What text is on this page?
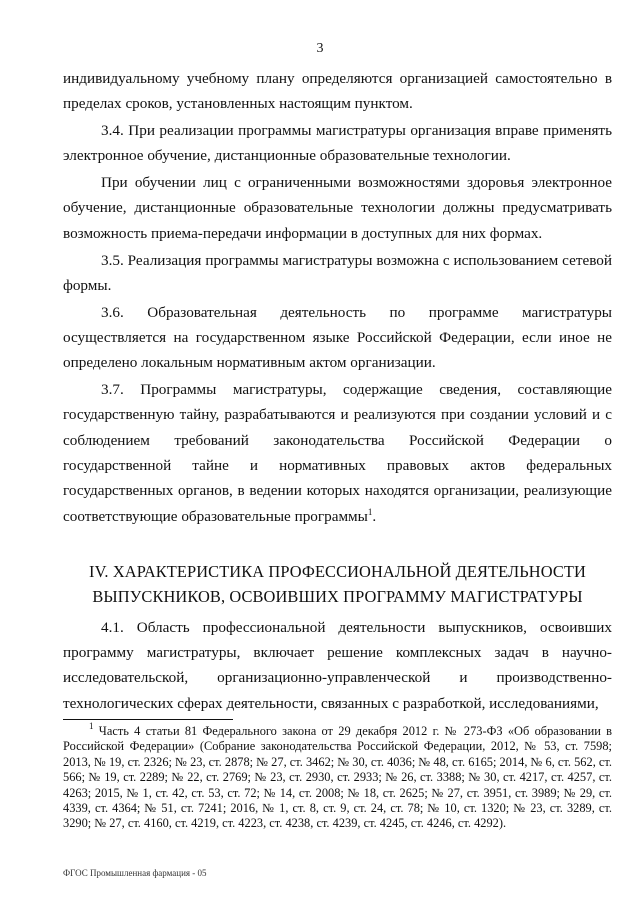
3

индивидуальному учебному плану определяются организацией самостоятельно в пределах сроков, установленных настоящим пунктом.

3.4. При реализации программы магистратуры организация вправе применять электронное обучение, дистанционные образовательные технологии.

При обучении лиц с ограниченными возможностями здоровья электронное обучение, дистанционные образовательные технологии должны предусматривать возможность приема-передачи информации в доступных для них формах.

3.5. Реализация программы магистратуры возможна с использованием сетевой формы.

3.6. Образовательная деятельность по программе магистратуры осуществляется на государственном языке Российской Федерации, если иное не определено локальным нормативным актом организации.

3.7. Программы магистратуры, содержащие сведения, составляющие государственную тайну, разрабатываются и реализуются при создании условий и с соблюдением требований законодательства Российской Федерации о государственной тайне и нормативных правовых актов федеральных государственных органов, в ведении которых находятся организации, реализующие соответствующие образовательные программы$^1$.

IV. ХАРАКТЕРИСТИКА ПРОФЕССИОНАЛЬНОЙ ДЕЯТЕЛЬНОСТИ
ВЫПУСКНИКОВ, ОСВОИВШИХ ПРОГРАММУ МАГИСТРАТУРЫ

4.1. Область профессиональной деятельности выпускников, освоивших программу магистратуры, включает решение комплексных задач в научно-исследовательской, организационно-управленческой и производственно-технологических сферах деятельности, связанных с разработкой, исследованиями,

$^1$ Часть 4 статьи 81 Федерального закона от 29 декабря 2012 г. № 273-ФЗ «Об образовании в Российской Федерации» (Собрание законодательства Российской Федерации, 2012, № 53, ст. 7598; 2013, № 19, ст. 2326; № 23, ст. 2878; № 27, ст. 3462; № 30, ст. 4036; № 48, ст. 6165; 2014, № 6, ст. 562, ст. 566; № 19, ст. 2289; № 22, ст. 2769; № 23, ст. 2930, ст. 2933; № 26, ст. 3388; № 30, ст. 4217, ст. 4257, ст. 4263; 2015, № 1, ст. 42, ст. 53, ст. 72; № 14, ст. 2008; № 18, ст. 2625; № 27, ст. 3951, ст. 3989; № 29, ст. 4339, ст. 4364; № 51, ст. 7241; 2016, № 1, ст. 8, ст. 9, ст. 24, ст. 78; № 10, ст. 1320; № 23, ст. 3289, ст. 3290; № 27, ст. 4160, ст. 4219, ст. 4223, ст. 4238, ст. 4239, ст. 4245, ст. 4246, ст. 4292).
ФГОС Промышленная фармация - 05
